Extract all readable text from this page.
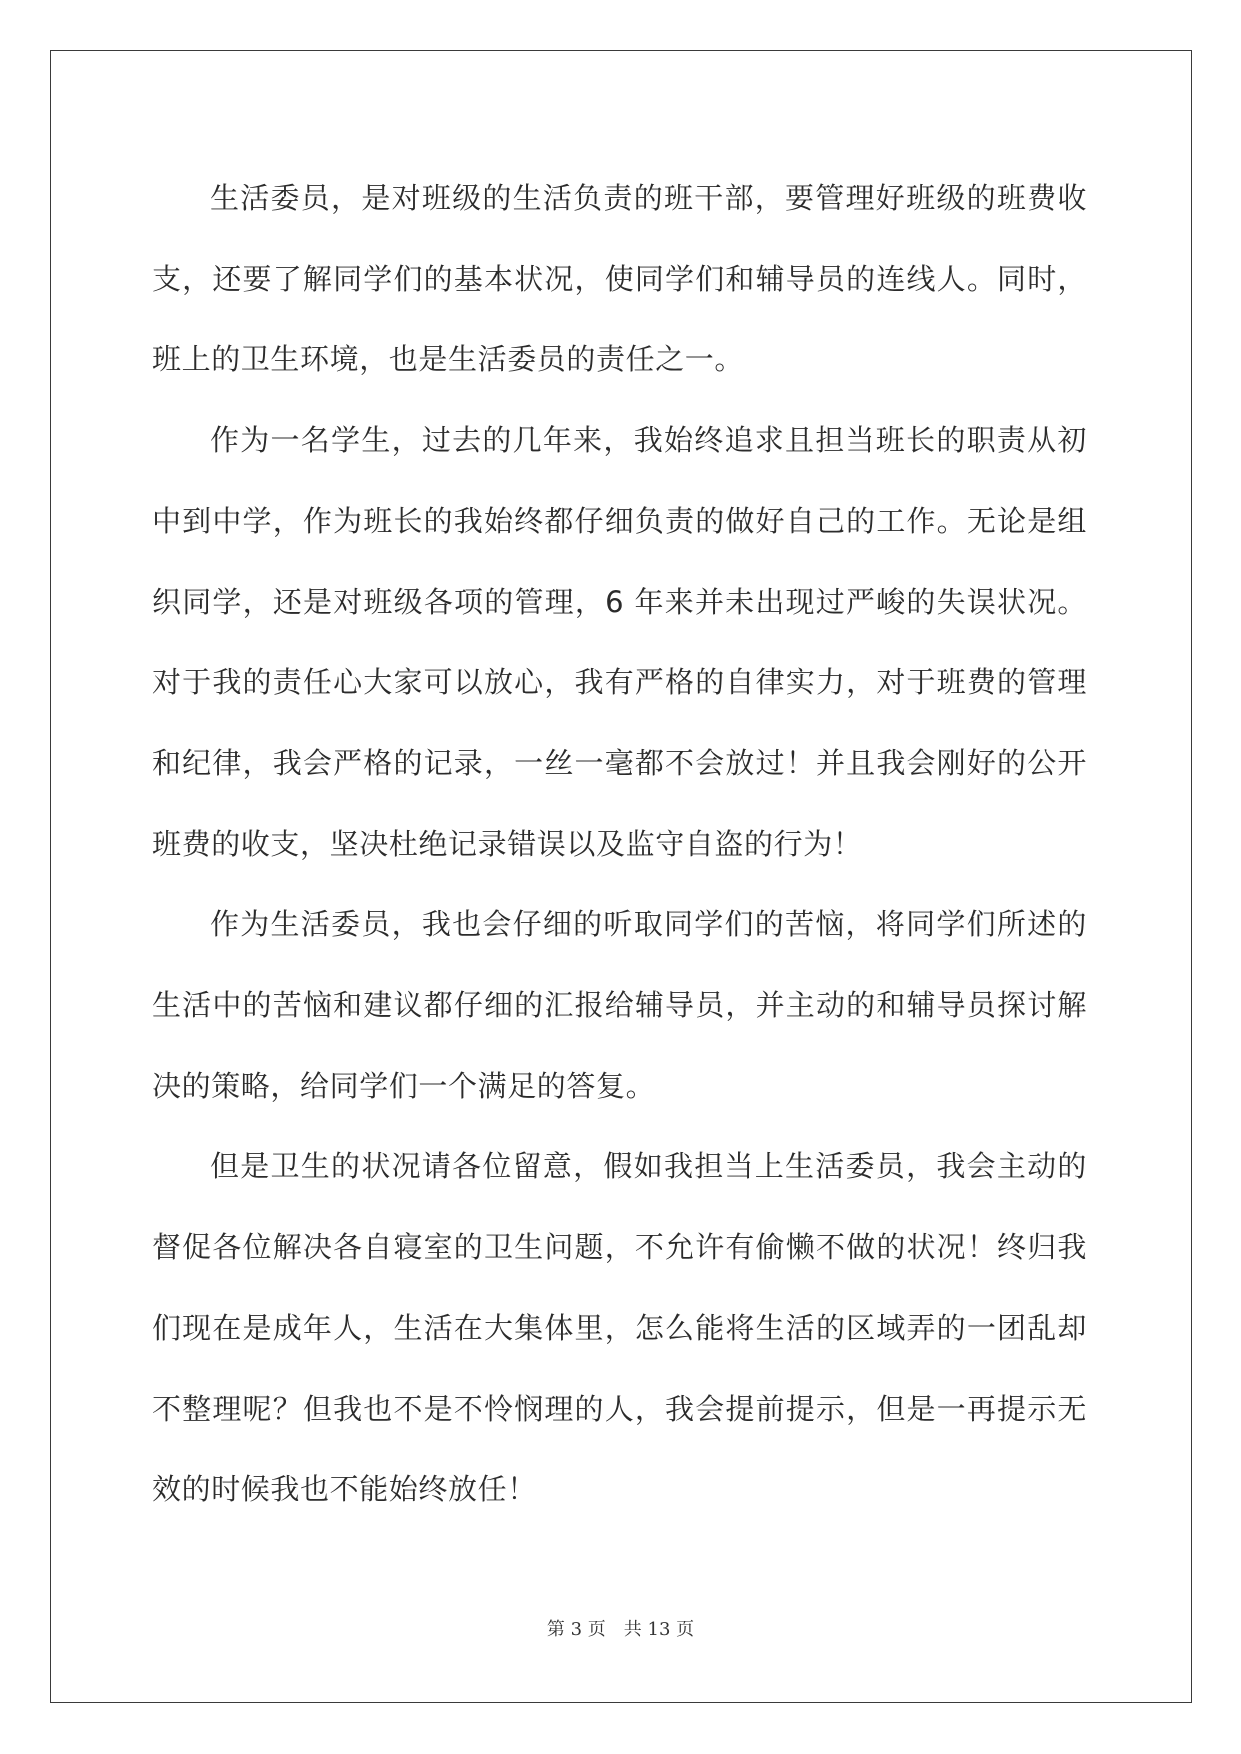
生活委员，是对班级的生活负责的班干部，要管理好班级的班费收支，还要了解同学们的基本状况，使同学们和辅导员的连线人。同时，班上的卫生环境，也是生活委员的责任之一。

作为一名学生，过去的几年来，我始终追求且担当班长的职责从初中到中学，作为班长的我始终都仔细负责的做好自己的工作。无论是组织同学，还是对班级各项的管理，6 年来并未出现过严峻的失误状况。对于我的责任心大家可以放心，我有严格的自律实力，对于班费的管理和纪律，我会严格的记录，一丝一毫都不会放过！并且我会刚好的公开班费的收支，坚决杜绝记录错误以及监守自盗的行为！

作为生活委员，我也会仔细的听取同学们的苦恼，将同学们所述的生活中的苦恼和建议都仔细的汇报给辅导员，并主动的和辅导员探讨解决的策略，给同学们一个满足的答复。

但是卫生的状况请各位留意，假如我担当上生活委员，我会主动的督促各位解决各自寝室的卫生问题，不允许有偷懒不做的状况！终归我们现在是成年人，生活在大集体里，怎么能将生活的区域弄的一团乱却不整理呢？但我也不是不怜悯理的人，我会提前提示，但是一再提示无效的时候我也不能始终放任！

第 3 页 共 13 页
